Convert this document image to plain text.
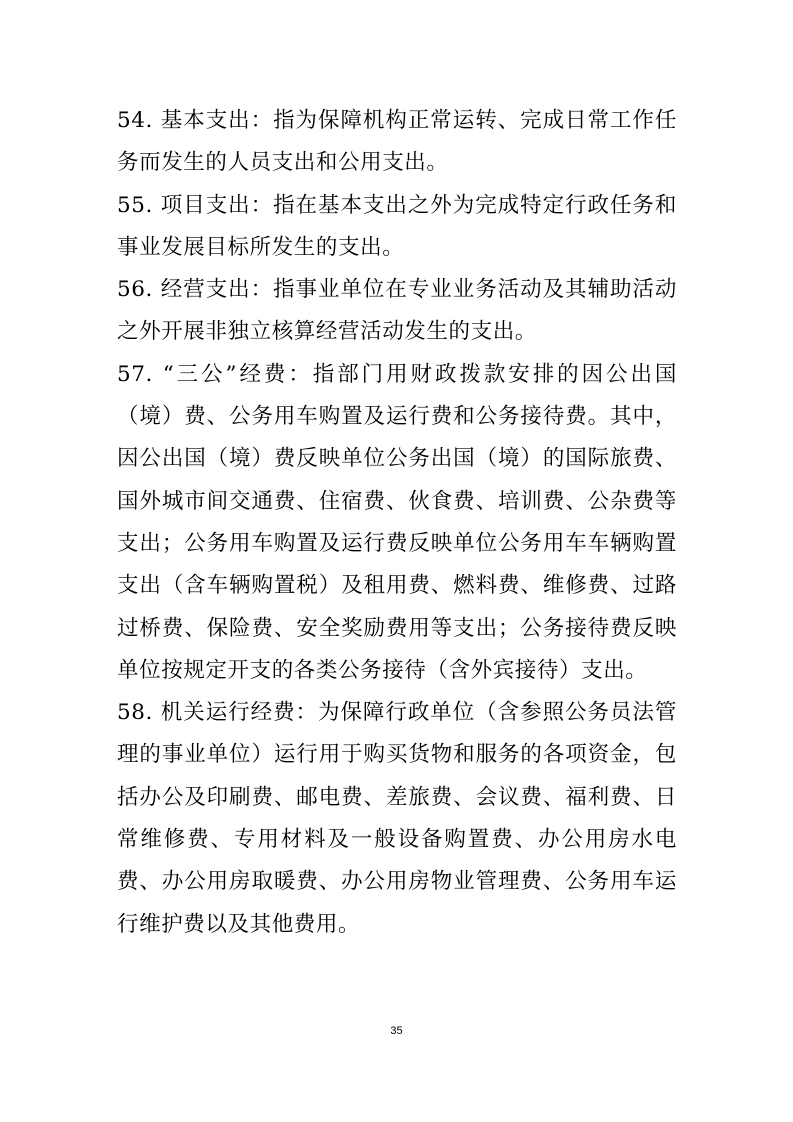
54. 基本支出：指为保障机构正常运转、完成日常工作任务而发生的人员支出和公用支出。

55. 项目支出：指在基本支出之外为完成特定行政任务和事业发展目标所发生的支出。

56. 经营支出：指事业单位在专业业务活动及其辅助活动之外开展非独立核算经营活动发生的支出。

57. “三公”经费：指部门用财政拨款安排的因公出国（境）费、公务用车购置及运行费和公务接待费。其中，因公出国（境）费反映单位公务出国（境）的国际旅费、国外城市间交通费、住宿费、伙食费、培训费、公杂费等支出；公务用车购置及运行费反映单位公务用车车辆购置支出（含车辆购置税）及租用费、燃料费、维修费、过路过桥费、保险费、安全奖励费用等支出；公务接待费反映单位按规定开支的各类公务接待（含外宾接待）支出。

58. 机关运行经费：为保障行政单位（含参照公务员法管理的事业单位）运行用于购买货物和服务的各项资金，包括办公及印刷费、邮电费、差旅费、会议费、福利费、日常维修费、专用材料及一般设备购置费、办公用房水电费、办公用房取暖费、办公用房物业管理费、公务用车运行维护费以及其他费用。

35
